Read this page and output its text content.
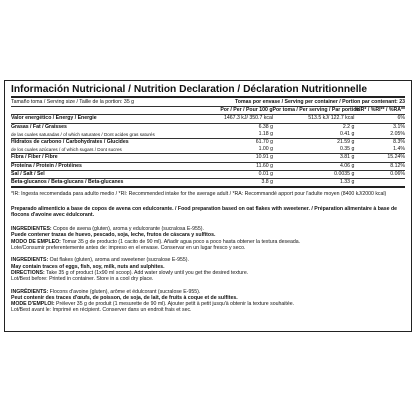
Información Nutricional / Nutrition Declaration / Déclaration Nutritionnelle
Tamaño toma / Serving size / Taille de la portion: 35 g	Tomas por envase / Serving per container / Portion par contenant: 23
Por / Per / Pour 100 g Por toma / Per serving / Par portion
%IR* / %RI** / %RA**
Valor energético / Energy / Énergie	1467.3 kJ/ 350.7 kcal	513.5 kJ/ 122.7 kcal	6%
Grasas / Fat / Graisses	6.38 g	2.2 g	3.1%
de las cuales saturadas / of which saturates / Dont acides gras saturés	1.18 g	0.41 g	2.05%
Hidratos de carbono / Carbohydrates / Glucides	61.70 g	21.59 g	8.3%
de los cuales azúcares / of which sugars / Dont sucres	1.00 g	0.35 g	1.4%
Fibra / Fiber / Fibre	10.91 g	3.81 g	15.24%
Proteína / Protein / Protéines	11.60 g	4.06 g	8.12%
Sal / Salt / Sel	0.01 g	0.0035 g	0.06%
Beta-glucanos / Beta-glucans / Beta-glucanes	3.8 g	1.33 g
*IR: Ingesta recomendada para adulto medio / *RI: Recommended intake for the average adult / *RA: Recommandé apport pour l'adulte moyen (8400 kJ/2000 kcal)
Preparado alimenticio a base de copos de avena con edulcorante. / Food preparation based on oat flakes with sweetener. / Préparation alimentaire à base de flocons d'avoine avec édulcorant.
INGREDIENTES: Copos de avena (gluten), aroma y edulcorante (sucralosa E-955).
Puede contener trazas de huevo, pescado, soja, leche, frutos de cáscara y sulfitos.
MODO DE EMPLEO: Tomar 35 g de producto (1 cacito de 90 ml). Añadir agua poco a poco hasta obtener la textura deseada.
Lote/Consumir preferentemente antes de: impreso en el envase. Conservar en un lugar fresco y seco.
INGREDIENTS: Oat flakes (gluten), aroma and sweetener (sucralose E-955).
May contain traces of eggs, fish, soy, milk, nuts and sulphites.
DIRECTIONS: Take 35 g of product (1x90 ml scoop). Add water slowly until you get the desired texture.
Lot/Best before: Printed in container. Store in a cool dry place.
INGRÉDIENTS: Flocons d'avoine (gluten), arôme et édulcorant (sucralose E-955).
Peut contenir des traces d'œufs, de poisson, de soja, de lait, de fruits à coque et de sulfites.
MODE D'EMPLOI: Prélever 35 g de produit (1 mesurette de 90 ml). Ajouter petit à petit jusqu'à obtenir la texture souhaitée.
Lot/Best avant le: Imprimé en récipient. Conserver dans un endroit frais et sec.
